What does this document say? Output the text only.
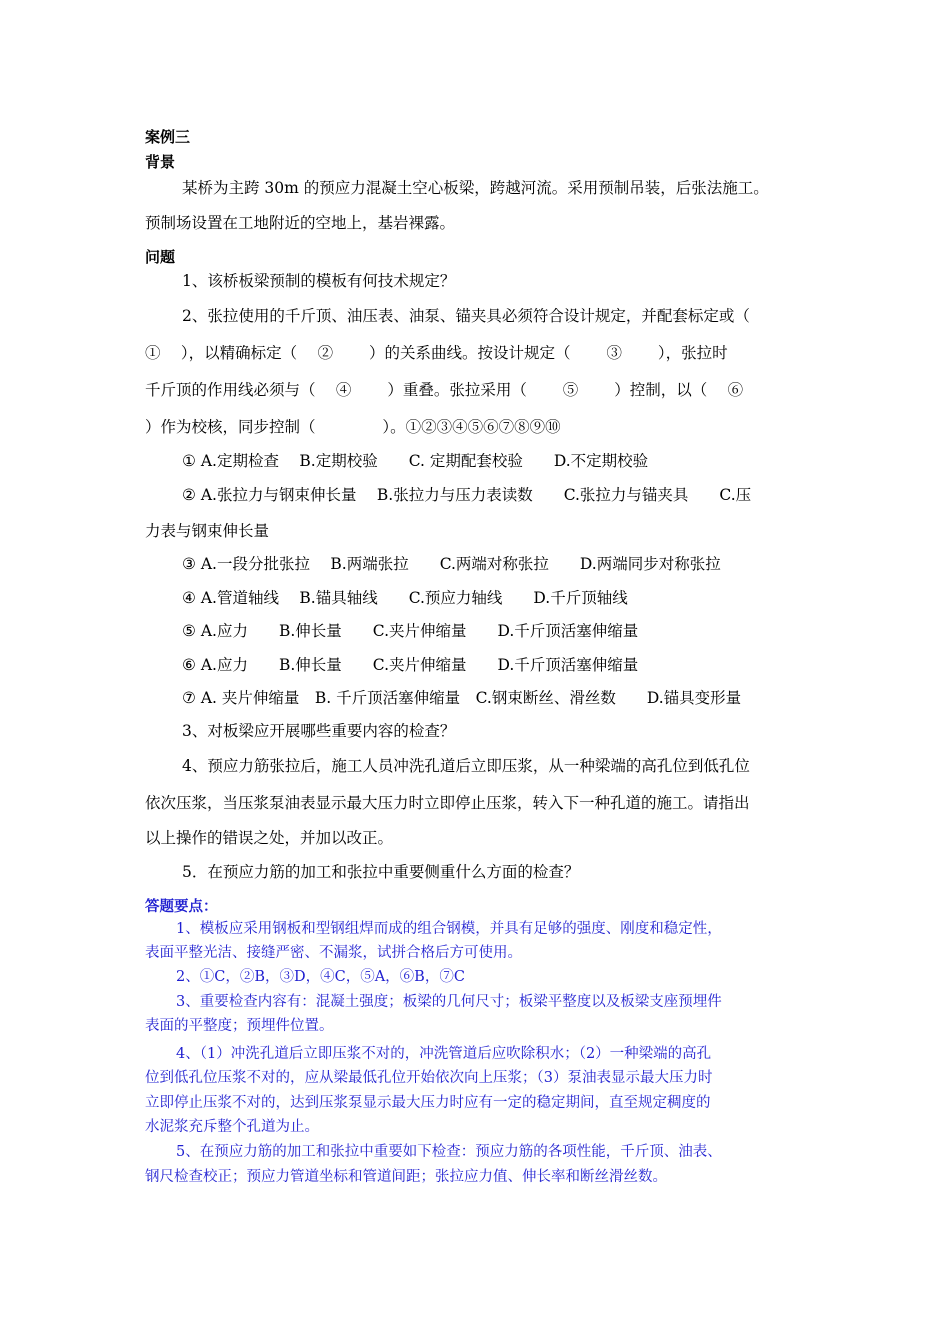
案例三
背景
某桥为主跨 30m 的预应力混凝土空心板梁，跨越河流。采用预制吊装，后张法施工。
预制场设置在工地附近的空地上，基岩裸露。
问题
1、该桥板梁预制的模板有何技术规定？
2、张拉使用的千斤顶、油压表、油泵、锚夹具必须符合设计规定，并配套标定或（
①　 ），以精确标定（　 ②　　 ）的关系曲线。按设计规定（　　 ③　　 ），张拉时
千斤顶的作用线必须与（　 ④　　 ）重叠。张拉采用（　　 ⑤　　 ）控制，以（　 ⑥
）作为校核，同步控制（　　　　 ）。①②③④⑤⑥⑦⑧⑨⑩
① A.定期检查　 B.定期校验　　C. 定期配套校验　　D.不定期校验
② A.张拉力与钢束伸长量　 B.张拉力与压力表读数　　C.张拉力与锚夹具　　C.压
力表与钢束伸长量
③ A.一段分批张拉　 B.两端张拉　　C.两端对称张拉　　D.两端同步对称张拉
④ A.管道轴线　 B.锚具轴线　　C.预应力轴线　　D.千斤顶轴线
⑤ A.应力　　B.伸长量　　C.夹片伸缩量　　D.千斤顶活塞伸缩量
⑥ A.应力　　B.伸长量　　C.夹片伸缩量　　D.千斤顶活塞伸缩量
⑦ A. 夹片伸缩量　B. 千斤顶活塞伸缩量　C.钢束断丝、滑丝数　　D.锚具变形量
3、对板梁应开展哪些重要内容的检查？
4、预应力筋张拉后，施工人员冲洗孔道后立即压浆，从一种梁端的高孔位到低孔位
依次压浆，当压浆泵油表显示最大压力时立即停止压浆，转入下一种孔道的施工。请指出
以上操作的错误之处，并加以改正。
5．在预应力筋的加工和张拉中重要侧重什么方面的检查？
答题要点：
1、模板应采用钢板和型钢组焊而成的组合钢模，并具有足够的强度、刚度和稳定性，
表面平整光洁、接缝严密、不漏浆，试拼合格后方可使用。
2、①C，②B，③D，④C，⑤A，⑥B，⑦C
3、重要检查内容有：混凝土强度；板梁的几何尺寸；板梁平整度以及板梁支座预埋件
表面的平整度；预埋件位置。
4、（1）冲洗孔道后立即压浆不对的，冲洗管道后应吹除积水；（2）一种梁端的高孔
位到低孔位压浆不对的，应从梁最低孔位开始依次向上压浆；（3）泵油表显示最大压力时
立即停止压浆不对的，达到压浆泵显示最大压力时应有一定的稳定期间，直至规定稠度的
水泥浆充斥整个孔道为止。
5、在预应力筋的加工和张拉中重要如下检查：预应力筋的各项性能，千斤顶、油表、
钢尺检查校正；预应力管道坐标和管道间距；张拉应力值、伸长率和断丝滑丝数。
